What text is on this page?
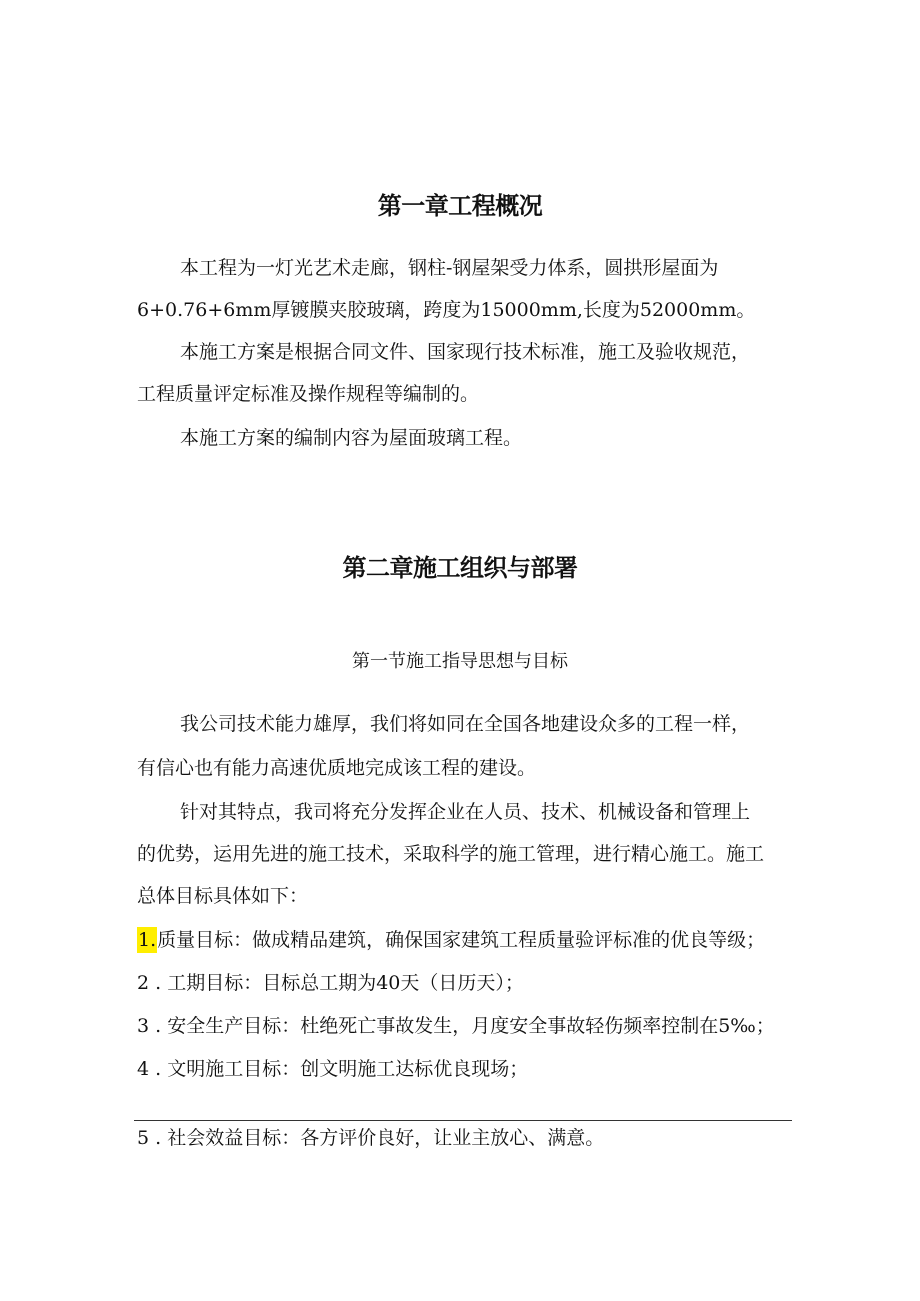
第一章工程概况
本工程为一灯光艺术走廊，钢柱-钢屋架受力体系，圆拱形屋面为
6+0.76+6mm厚镀膜夹胶玻璃，跨度为15000mm,长度为52000mm。
本施工方案是根据合同文件、国家现行技术标准，施工及验收规范，
工程质量评定标准及操作规程等编制的。
本施工方案的编制内容为屋面玻璃工程。
第二章施工组织与部署
第一节施工指导思想与目标
我公司技术能力雄厚，我们将如同在全国各地建设众多的工程一样，
有信心也有能力高速优质地完成该工程的建设。
针对其特点，我司将充分发挥企业在人员、技术、机械设备和管理上
的优势，运用先进的施工技术，采取科学的施工管理，进行精心施工。施工
总体目标具体如下：
1.质量目标：做成精品建筑，确保国家建筑工程质量验评标准的优良等级；
2 . 工期目标：目标总工期为40天（日历天）；
3 . 安全生产目标：杜绝死亡事故发生，月度安全事故轻伤频率控制在5‰；
4 . 文明施工目标：创文明施工达标优良现场；
5 . 社会效益目标：各方评价良好，让业主放心、满意。
